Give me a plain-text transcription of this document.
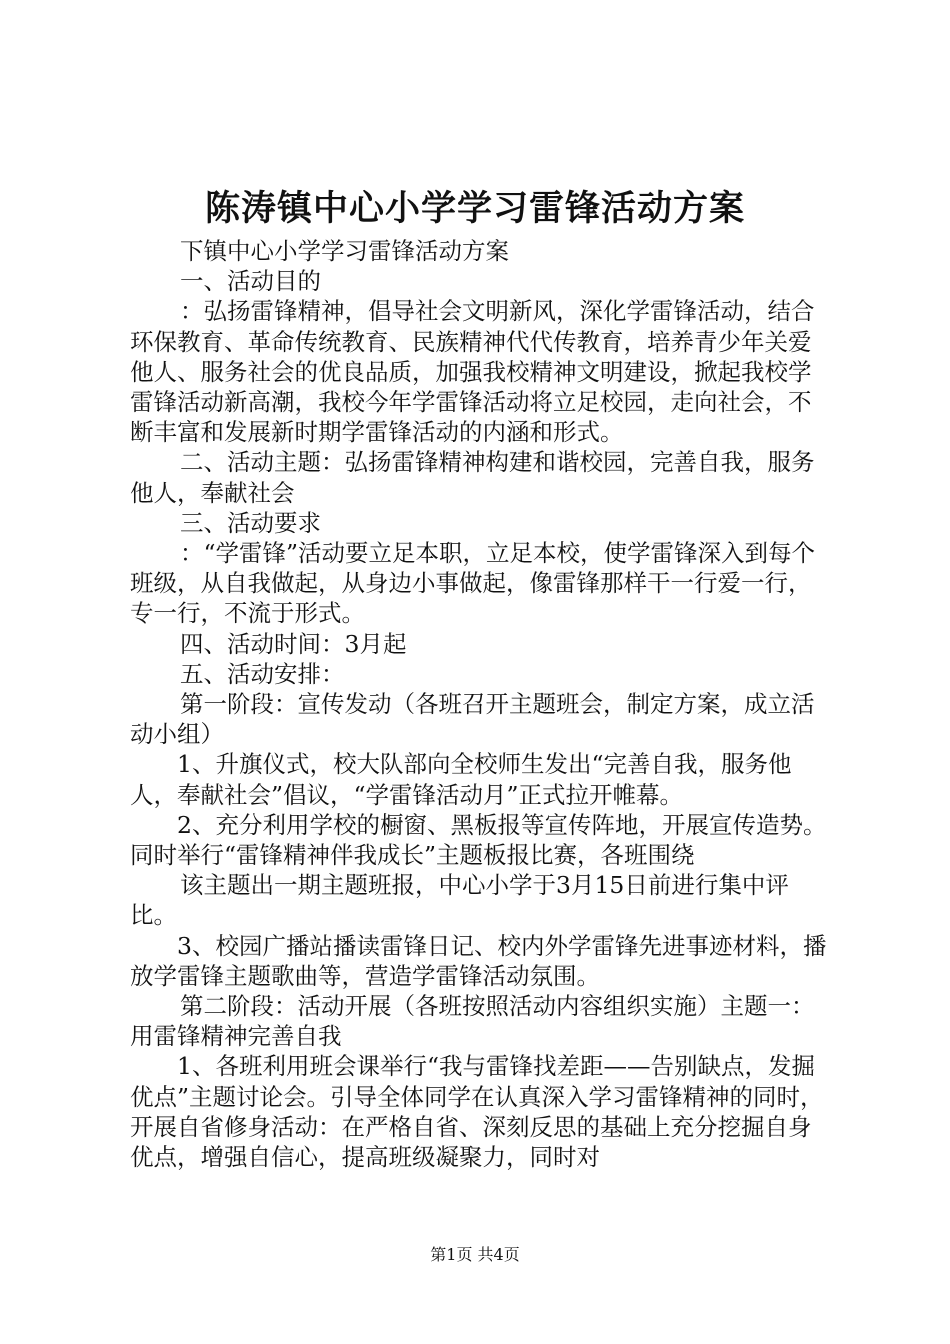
陈涛镇中心小学学习雷锋活动方案

下镇中心小学学习雷锋活动方案

一、活动目的

：弘扬雷锋精神，倡导社会文明新风，深化学雷锋活动，结合环保教育、革命传统教育、民族精神代代传教育，培养青少年关爱他人、服务社会的优良品质，加强我校精神文明建设，掀起我校学雷锋活动新高潮，我校今年学雷锋活动将立足校园，走向社会，不断丰富和发展新时期学雷锋活动的内涵和形式。

二、活动主题：弘扬雷锋精神构建和谐校园，完善自我，服务他人，奉献社会

三、活动要求

：“学雷锋”活动要立足本职，立足本校，使学雷锋深入到每个班级，从自我做起，从身边小事做起，像雷锋那样干一行爱一行，专一行，不流于形式。

四、活动时间：3月起

五、活动安排：

第一阶段：宣传发动（各班召开主题班会，制定方案，成立活动小组）

1、升旗仪式，校大队部向全校师生发出“完善自我，服务他人，奉献社会”倡议，“学雷锋活动月”正式拉开帷幕。

2、充分利用学校的橱窗、黑板报等宣传阵地，开展宣传造势。同时举行“雷锋精神伴我成长”主题板报比赛，各班围绕

该主题出一期主题班报，中心小学于3月15日前进行集中评比。

3、校园广播站播读雷锋日记、校内外学雷锋先进事迹材料，播放学雷锋主题歌曲等，营造学雷锋活动氛围。

第二阶段：活动开展（各班按照活动内容组织实施）主题一：用雷锋精神完善自我

1、各班利用班会课举行“我与雷锋找差距——告别缺点，发掘优点”主题讨论会。引导全体同学在认真深入学习雷锋精神的同时，开展自省修身活动：在严格自省、深刻反思的基础上充分挖掘自身优点，增强自信心，提高班级凝聚力，同时对

第1页 共4页
